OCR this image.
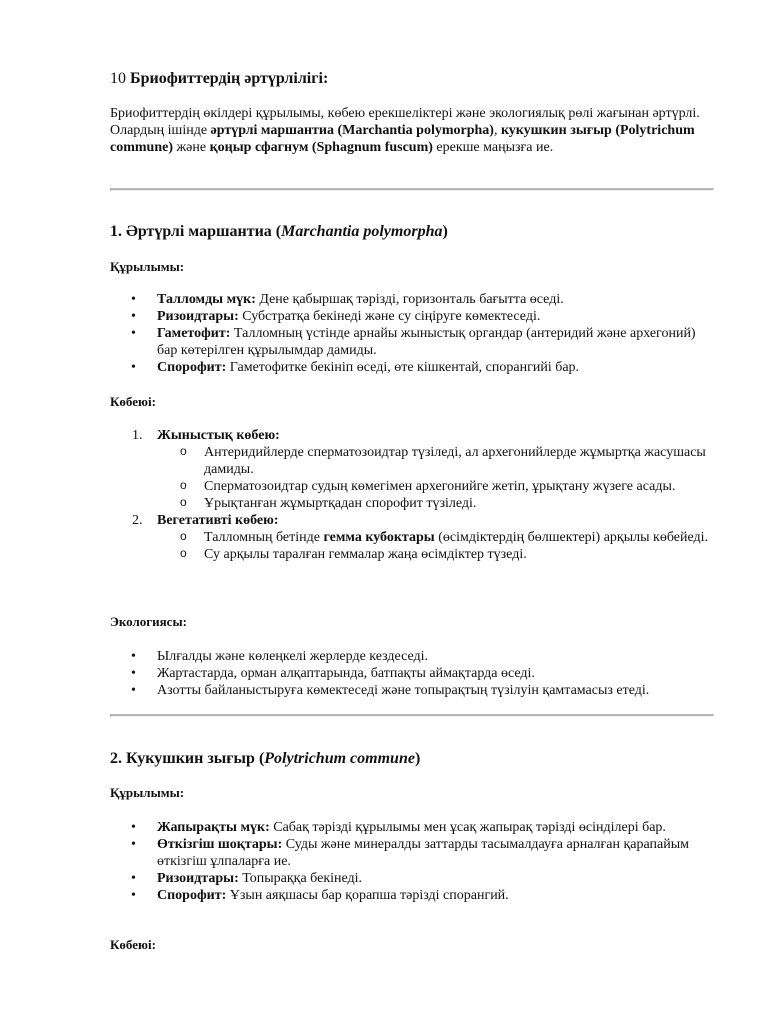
10 Бриофиттердің әртүрлілігі:

Бриофиттердің өкілдері құрылымы, көбею ерекшеліктері және экологиялық рөлі жағынан әртүрлі. Олардың ішінде әртүрлі маршантиа (Marchantia polymorpha), кукушкин зығыр (Polytrichum commune) және қоңыр сфагнум (Sphagnum fuscum) ерекше маңызға ие.

1. Әртүрлі маршантиа (Marchantia polymorpha)
Құрылымы:
• Талломды мүк: Дене қабыршақ тәрізді, горизонталь бағытта өседі.
• Ризоидтары: Субстратқа бекінеді және су сіңіруге көмектеседі.
• Гаметофит: Талломның үстінде арнайы жыныстық органдар (антеридий және архегоний) бар көтерілген құрылымдар дамиды.
• Спорофит: Гаметофитке бекініп өседі, өте кішкентай, спорангийі бар.
Көбеюі:
1. Жыныстық көбею:
o Антеридийлерде сперматозоидтар түзіледі, ал архегонийлерде жұмыртқа жасушасы дамиды.
o Сперматозоидтар судың көмегімен архегонийге жетіп, ұрықтану жүзеге асады.
o Ұрықтанған жұмыртқадан спорофит түзіледі.
2. Вегетативті көбею:
o Талломның бетінде гемма кубоктары (өсімдіктердің бөлшектері) арқылы көбейеді.
o Су арқылы таралған геммалар жаңа өсімдіктер түзеді.
Экологиясы:
• Ылғалды және көлеңкелі жерлерде кездеседі.
• Жартастарда, орман алқаптарында, батпақты аймақтарда өседі.
• Азотты байланыстыруға көмектеседі және топырақтың түзілуін қамтамасыз етеді.
2. Кукушкин зығыр (Polytrichum commune)
Құрылымы:
• Жапырақты мүк: Сабақ тәрізді құрылымы мен ұсақ жапырақ тәрізді өсінділері бар.
• Өткізгіш шоқтары: Суды және минералды заттарды тасымалдауға арналған қарапайым өткізгіш ұлпаларға ие.
• Ризоидтары: Топыраққа бекінеді.
• Спорофит: Ұзын аяқшасы бар қорапша тәрізді спорангий.
Көбеюі:
